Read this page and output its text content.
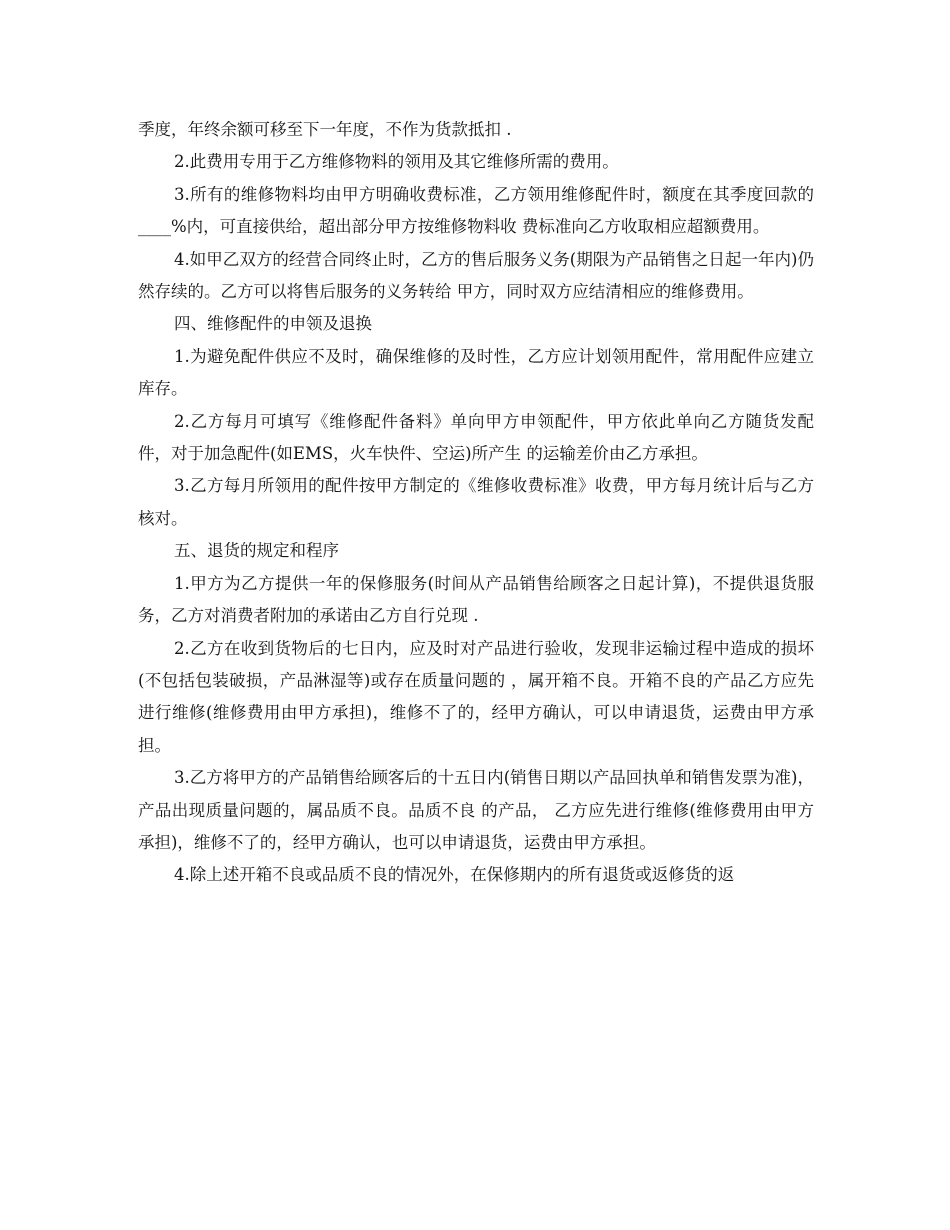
季度，年终余额可移至下一年度，不作为货款抵扣 .

2.此费用专用于乙方维修物料的领用及其它维修所需的费用。

3.所有的维修物料均由甲方明确收费标准，乙方领用维修配件时，额度在其季度回款的____%内，可直接供给，超出部分甲方按维修物料收 费标准向乙方收取相应超额费用。

4.如甲乙双方的经营合同终止时，乙方的售后服务义务(期限为产品销售之日起一年内)仍然存续的。乙方可以将售后服务的义务转给 甲方，同时双方应结清相应的维修费用。

四、维修配件的申领及退换

1.为避免配件供应不及时，确保维修的及时性，乙方应计划领用配件，常用配件应建立库存。

2.乙方每月可填写《维修配件备料》单向甲方申领配件，甲方依此单向乙方随货发配件，对于加急配件(如EMS，火车快件、空运)所产生 的运输差价由乙方承担。

3.乙方每月所领用的配件按甲方制定的《维修收费标准》收费，甲方每月统计后与乙方核对。

五、退货的规定和程序

1.甲方为乙方提供一年的保修服务(时间从产品销售给顾客之日起计算)，不提供退货服务，乙方对消费者附加的承诺由乙方自行兑现 .

2.乙方在收到货物后的七日内，应及时对产品进行验收，发现非运输过程中造成的损坏(不包括包装破损，产品淋湿等)或存在质量问题的 ，属开箱不良。开箱不良的产品乙方应先进行维修(维修费用由甲方承担)，维修不了的，经甲方确认，可以申请退货，运费由甲方承担。

3.乙方将甲方的产品销售给顾客后的十五日内(销售日期以产品回执单和销售发票为准)，产品出现质量问题的，属品质不良。品质不良 的产品， 乙方应先进行维修(维修费用由甲方承担)，维修不了的，经甲方确认，也可以申请退货，运费由甲方承担。

4.除上述开箱不良或品质不良的情况外，在保修期内的所有退货或返修货的返
